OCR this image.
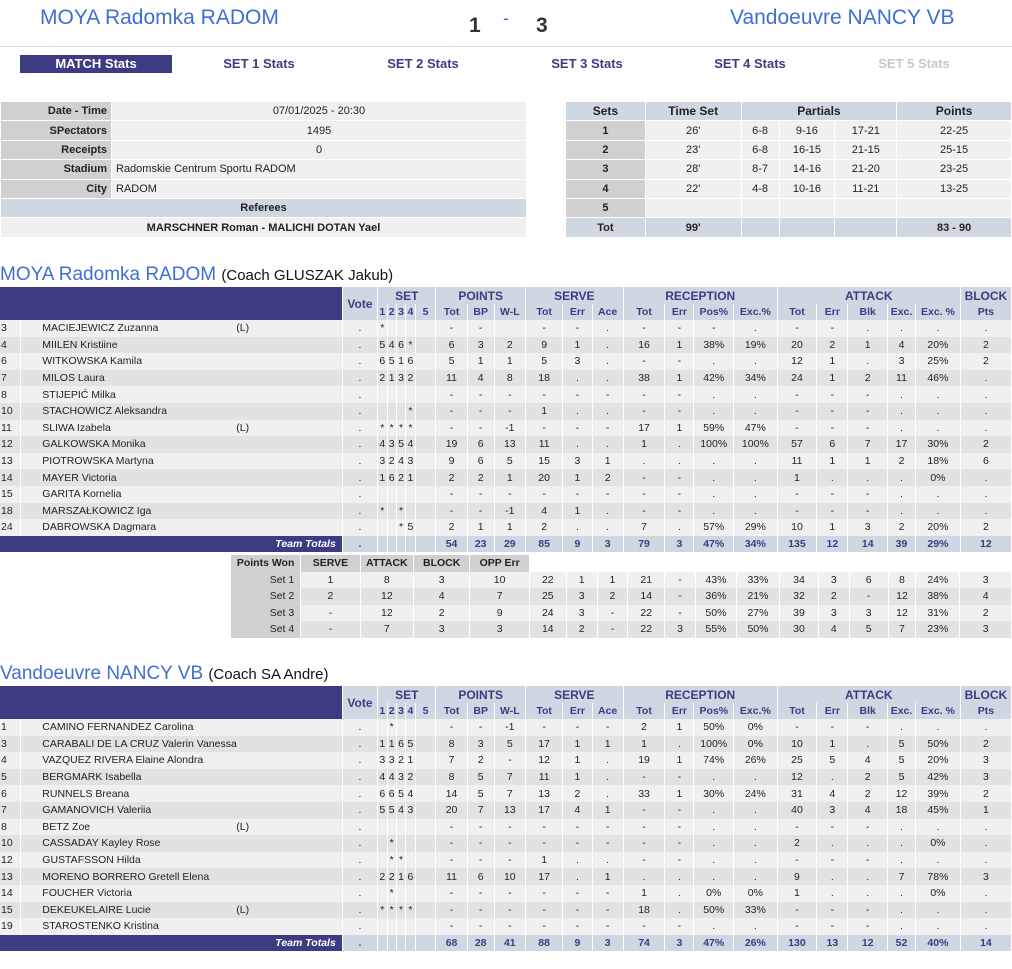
MOYA Radomka RADOM	1 - 3	Vandoeuvre NANCY VB
MATCH Stats	SET 1 Stats	SET 2 Stats	SET 3 Stats	SET 4 Stats	SET 5 Stats
Date - Time	07/01/2025 - 20:30
SPectators	1495
Receipts	0
Stadium	Radomskie Centrum Sportu RADOM
City	RADOM
Referees	
MARSCHNER Roman - MALICHI DOTAN Yael	
Sets	Time Set	Partials			Points
1	26'	6-8	9-16	17-21	22-25
2	23'	6-8	16-15	21-15	25-15
3	28'	8-7	14-16	21-20	23-25
4	22'	4-8	10-16	11-21	13-25
5					
Tot	99'				83 - 90
MOYA Radomka RADOM (Coach GLUSZAK Jakub)
		Vote	SET					POINTS			SERVE			RECEPTION				ATTACK					BLOCK
			1	2	3	4	5	Tot	BP	W-L	Tot	Err	Ace	Tot	Err	Pos%	Exc.%	Tot	Err	Blk	Exc.	Exc. %	Pts
3	MACIEJEWICZ Zuzanna (L)	.	*					-	-		-	-	.	-	-	-	.	-	-	.	.	.	.
4	MIILEN Kristiine	.	5	4	6	*		6	3	2	9	1	.	16	1	38%	19%	20	2	1	4	20%	2
6	WITKOWSKA Kamila	.	6	5	1	6		5	1	1	5	3	.	-	-	.	.	12	1	.	3	25%	2
7	MILOS Laura	.	2	1	3	2		11	4	8	18	.	.	38	1	42%	34%	24	1	2	11	46%	.
8	STIJEPIĆ Milka	.						-	-	-	-	-	-	-	-	.	.	-	-	-	.	.	.
10	STACHOWICZ Aleksandra	.				*		-	-	-	1	.	.	-	-	.	.	-	-	-	.	.	.
11	SLIWA Izabela (L)	.	*	*	*	*		-	-	-1	-	-	-	17	1	59%	47%	-	-	-	.	.	.
12	GALKOWSKA Monika	.	4	3	5	4		19	6	13	11	.	.	1	.	100%	100%	57	6	7	17	30%	2
13	PIOTROWSKA Martyna	.	3	2	4	3		9	6	5	15	3	1	.	.	.	.	11	1	1	2	18%	6
14	MAYER Victoria	.	1	6	2	1		2	2	1	20	1	2	-	-	.	.	1	.	.	.	0%	.
15	GARITA Kornelia	.						-	-	-	-	-	-	-	-	.	.	-	-	-	.	.	.
18	MARSZAŁKOWICZ Iga	.	*		*			-	-	-1	4	1	.	-	-	.	.	-	-	-	.	.	.
24	DABROWSKA Dagmara	.			*	5		2	1	1	2	.	.	7	.	57%	29%	10	1	3	2	20%	2
Team Totals		.						54	23	29	85	9	3	79	3	47%	34%	135	12	14	39	29%	12
Points Won	SERVE	ATTACK	BLOCK	OPP Err													
Set 1	1	8	3	10	22	1	1	21	-	43%	33%	34	3	6	8	24%	3
Set 2	2	12	4	7	25	3	2	14	-	36%	21%	32	2	-	12	38%	4
Set 3	-	12	2	9	24	3	-	22	-	50%	27%	39	3	3	12	31%	2
Set 4	-	7	3	3	14	2	-	22	3	55%	50%	30	4	5	7	23%	3
Vandoeuvre NANCY VB (Coach SA Andre)
		Vote	SET					POINTS			SERVE			RECEPTION				ATTACK					BLOCK
			1	2	3	4	5	Tot	BP	W-L	Tot	Err	Ace	Tot	Err	Pos%	Exc.%	Tot	Err	Blk	Exc.	Exc. %	Pts
1	CAMINO FERNANDEZ Carolina	.		*				-	-	-1	-	-	-	2	1	50%	0%	-	-	-	.	.	.
3	CARABALI DE LA CRUZ Valerin Vanessa	.	1	1	6	5		8	3	5	17	1	1	1	.	100%	0%	10	1	.	5	50%	2
4	VAZQUEZ RIVERA Elaine Alondra	.	3	3	2	1		7	2	-	12	1	.	19	1	74%	26%	25	5	4	5	20%	3
5	BERGMARK Isabella	.	4	4	3	2		8	5	7	11	1	.	-	-	.	.	12	.	2	5	42%	3
6	RUNNELS Breana	.	6	6	5	4		14	5	7	13	2	.	33	1	30%	24%	31	4	2	12	39%	2
7	GAMANOVICH Valeriia	.	5	5	4	3		20	7	13	17	4	1	-	-	.	.	40	3	4	18	45%	1
8	BETZ Zoe (L)	.						-	-	-	-	-	-	-	-	.	.	-	-	-	.	.	.
10	CASSADAY Kayley Rose	.		*				-	-	-	-	-	-	-	-	.	.	2	.	.	.	0%	.
12	GUSTAFSSON Hilda	.		*	*			-	-	-	1	.	.	-	-	.	.	-	-	-	.	.	.
13	MORENO BORRERO Gretell Elena	.	2	2	1	6		11	6	10	17	.	1	.	.	.	.	9	.	.	7	78%	3
14	FOUCHER Victoria	.		*				-	-	-	-	-	-	1	.	0%	0%	1	.	.	.	0%	.
15	DEKEUKELAIRE Lucie (L)	.	*	*	*	*		-	-	-	-	-	-	18	.	50%	33%	-	-	-	.	.	.
19	STAROSTENKO Kristina	.						-	-	-	-	-	-	-	-	.	.	-	-	-	.	.	.
Team Totals		.						68	28	41	88	9	3	74	3	47%	26%	130	13	12	52	40%	14
